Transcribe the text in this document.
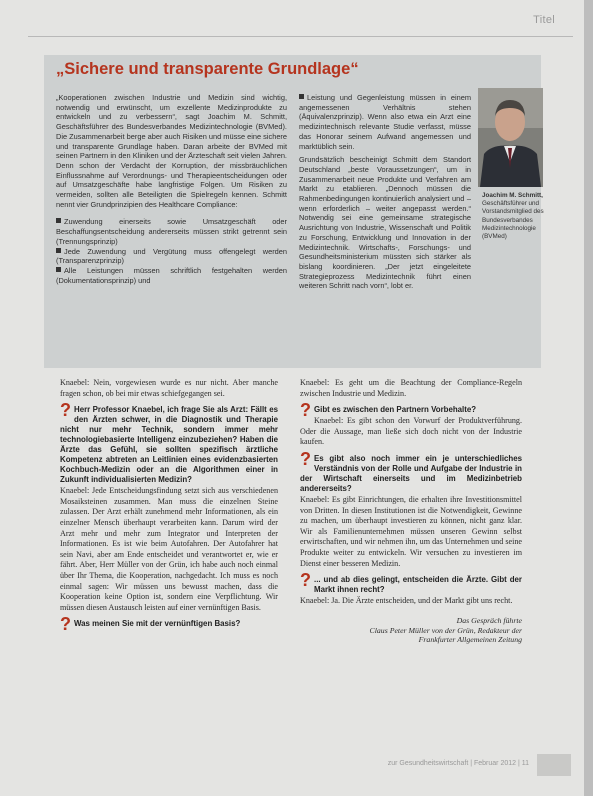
Titel
„Sichere und transparente Grundlage“

„Kooperationen zwischen Industrie und Medizin sind wichtig, notwendig und erwünscht, um exzellente Medizinprodukte zu entwickeln und zu verbessern“, sagt Joachim M. Schmitt, Geschäftsführer des Bundesverbandes Medizintechnologie (BVMed). Die Zusammenarbeit berge aber auch Risiken und müsse eine sichere und transparente Grundlage haben. Daran arbeite der BVMed mit seinen Partnern in den Kliniken und der Ärzteschaft seit vielen Jahren. Denn schon der Verdacht der Korruption, der missbräuchlichen Einflussnahme auf Verordnungs- und Therapieentscheidungen oder auf Umsatzgeschäfte habe langfristige Folgen. Um Risiken zu vermeiden, sollten alle Beteiligten die Spielregeln kennen. Schmitt nennt vier Grundprinzipien des Healthcare Compliance:

Zuwendung einerseits sowie Umsatzgeschäft oder Beschaffungsentscheidung andererseits müssen strikt getrennt sein (Trennungsprinzip)

Jede Zuwendung und Vergütung muss offengelegt werden (Transparenzprinzip)

Alle Leistungen müssen schriftlich festgehalten werden (Dokumentationsprinzip) und

Leistung und Gegenleistung müssen in einem angemessenen Verhältnis stehen (Äquivalenzprinzip). Wenn also etwa ein Arzt eine medizintechnisch relevante Studie verfasst, müsse das Honorar seinem Aufwand angemessen und marktüblich sein.

Grundsätzlich bescheinigt Schmitt dem Standort Deutschland „beste Voraussetzungen“, um in Zusammenarbeit neue Produkte und Verfahren am Markt zu etablieren. „Dennoch müssen die Rahmenbedingungen kontinuierlich analysiert und – wenn erforderlich – weiter angepasst werden.“ Notwendig sei eine gemeinsame strategische Ausrichtung von Industrie, Wissenschaft und Politik zu Forschung, Entwicklung und Innovation in der Medizintechnik. Wirtschafts-, Forschungs- und Gesundheitsministerium müssten sich stärker als bislang koordinieren. „Der jetzt eingeleitete Strategieprozess Medizintechnik führt einen weiteren Schritt nach vorn“, lobt er.

Joachim M. Schmitt, Geschäftsführer und Vorstandsmitglied des Bundesverbandes Medizintechnologie (BVMed)

Knaebel: Nein, vorgewiesen wurde es nur nicht. Aber manche fragen schon, ob bei mir etwas schiefgegangen sei.

? Herr Professor Knaebel, ich frage Sie als Arzt: Fällt es den Ärzten schwer, in die Diagnostik und Therapie nicht nur mehr Technik, sondern immer mehr technologiebasierte Intelligenz einzubeziehen? Haben die Ärzte das Gefühl, sie sollten spezifisch ärztliche Kompetenz abtreten an Leitlinien eines evidenzbasierten Kochbuch-Medizin oder an die Algorithmen einer in Zukunft individualisierten Medizin?

Knaebel: Jede Entscheidungsfindung setzt sich aus verschiedenen Mosaiksteinen zusammen. Man muss die einzelnen Steine zulassen. Der Arzt erhält zunehmend mehr Informationen, als ein einzelner Mensch überhaupt verarbeiten kann. Darum wird der Arzt mehr und mehr zum Integrator und Interpreten der Informationen. Es ist wie beim Autofahren. Der Autofahrer hat sein Navi, aber am Ende entscheidet und verantwortet er, wie er fährt. Aber, Herr Müller von der Grün, ich habe auch noch einmal über Ihr Thema, die Kooperation, nachgedacht. Ich muss es noch einmal sagen: Wir müssen uns bewusst machen, dass die Kooperation keine Option ist, sondern eine Verpflichtung. Wir müssen diesen Austausch leisten auf einer vernünftigen Basis.

? Was meinen Sie mit der vernünftigen Basis?

Knaebel: Es geht um die Beachtung der Compliance-Regeln zwischen Industrie und Medizin.

? Gibt es zwischen den Partnern Vorbehalte?

Knaebel: Es gibt schon den Vorwurf der Produktverführung. Oder die Aussage, man ließe sich doch nicht von der Industrie kaufen.

? Es gibt also noch immer ein je unterschiedliches Verständnis von der Rolle und Aufgabe der Industrie in der Wirtschaft einerseits und im Medizinbetrieb andererseits?

Knaebel: Es gibt Einrichtungen, die erhalten ihre Investitionsmittel von Dritten. In diesen Institutionen ist die Notwendigkeit, Gewinne zu machen, um überhaupt investieren zu können, nicht ganz klar. Wir als Familienunternehmen müssen unseren Gewinn selbst erwirtschaften, und wir nehmen ihn, um das Unternehmen und seine Produkte weiter zu entwickeln. Wir versuchen zu investieren im Dienst einer besseren Medizin.

? ... und ab dies gelingt, entscheiden die Ärzte. Gibt der Markt ihnen recht?

Knaebel: Ja. Die Ärzte entscheiden, und der Markt gibt uns recht.

Das Gespräch führte

Claus Peter Müller von der Grün, Redakteur der

Frankfurter Allgemeinen Zeitung

zur Gesundheitswirtschaft | Februar 2012 | 11
